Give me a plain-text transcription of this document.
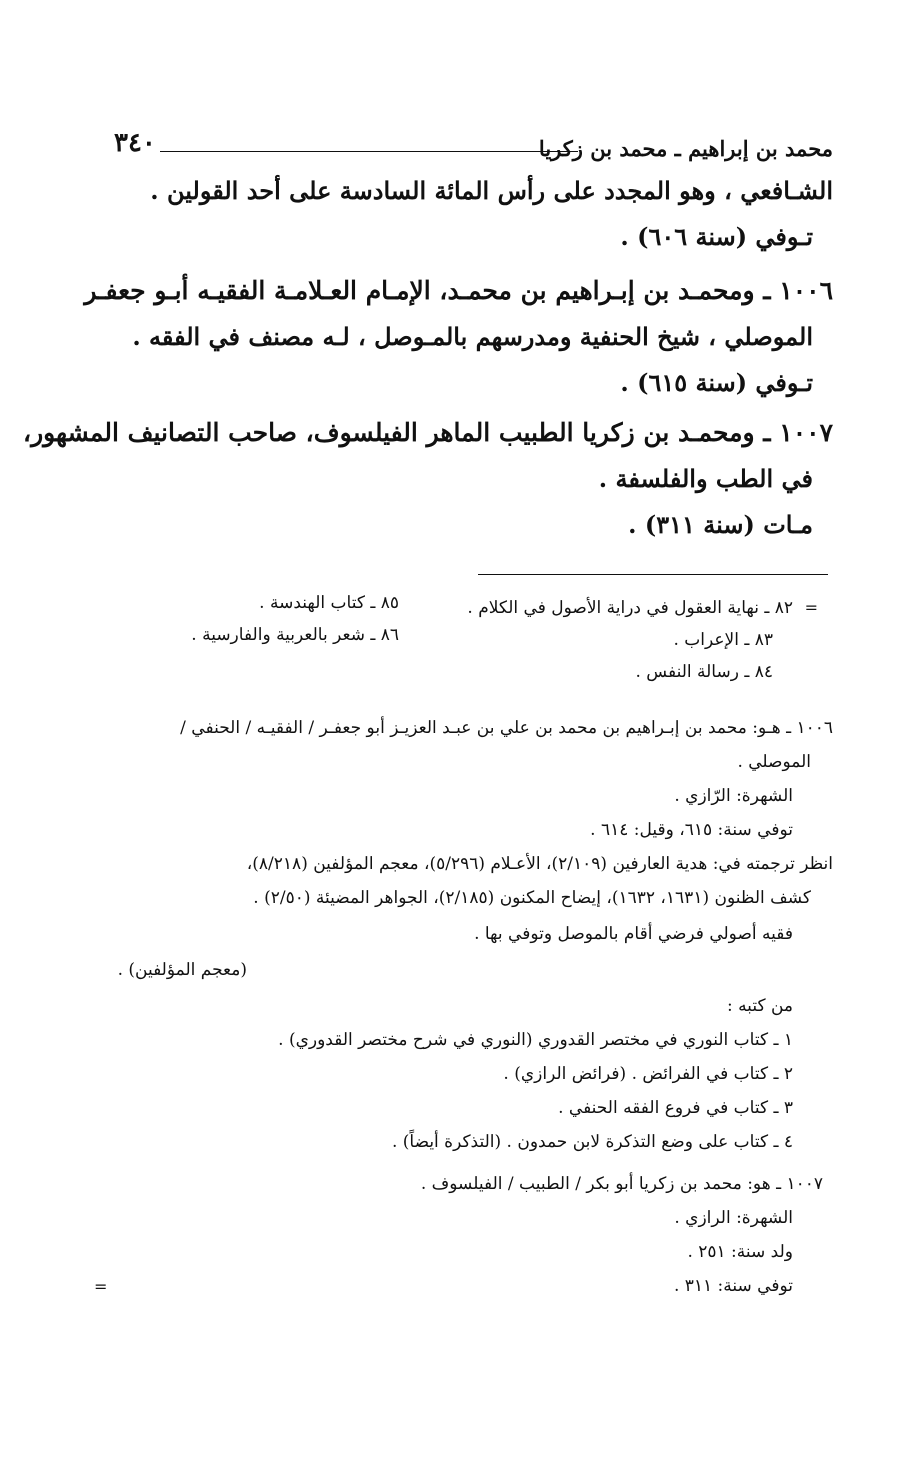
محمد بن إبراهيم ـ محمد بن زكريا
٣٤٠
الشـافعي ، وهو المجدد على رأس المائة السادسة على أحد القولين .
تـوفي (سنة ٦٠٦) .
١٠٠٦ ـ ومحمـد بن إبـراهيم بن محمـد، الإمـام العـلامـة الفقيـه أبـو جعفـر
الموصلي ، شيخ الحنفية ومدرسهم بالمـوصل ، لـه مصنف في الفقه .
تـوفي (سنة ٦١٥) .
١٠٠٧ ـ ومحمـد بن زكريا الطبيب الماهر الفيلسوف، صاحب التصانيف المشهور،
في الطب والفلسفة .
مـات (سنة ٣١١) .
=
٨٢ ـ نهاية العقول في دراية الأصول في الكلام .
٨٣ ـ الإعراب .
٨٤ ـ رسالة النفس .
٨٥ ـ كتاب الهندسة .
٨٦ ـ شعر بالعربية والفارسية .
١٠٠٦ ـ هـو: محمد بن إبـراهيم بن محمد بن علي بن عبـد العزيـز أبو جعفـر / الفقيـه / الحنفي /
الموصلي .
الشهرة: الرّازي .
توفي سنة: ٦١٥، وقيل: ٦١٤ .
انظر ترجمته في: هدية العارفين (٢/١٠٩)، الأعـلام (٥/٢٩٦)، معجم المؤلفين (٨/٢١٨)،
كشف الظنون (١٦٣١، ١٦٣٢)، إيضاح المكنون (٢/١٨٥)، الجواهر المضيئة (٢/٥٠) .
فقيه أصولي فرضي أقام بالموصل وتوفي بها .
(معجم المؤلفين) .
من كتبه :
١ ـ كتاب النوري في مختصر القدوري (النوري في شرح مختصر القدوري) .
٢ ـ كتاب في الفرائض . (فرائض الرازي) .
٣ ـ كتاب في فروع الفقه الحنفي .
٤ ـ كتاب على وضع التذكرة لابن حمدون . (التذكرة أيضاً) .
١٠٠٧ ـ هو: محمد بن زكريا أبو بكر / الطبيب / الفيلسوف .
الشهرة: الرازي .
ولد سنة: ٢٥١ .
توفي سنة: ٣١١ .
=
